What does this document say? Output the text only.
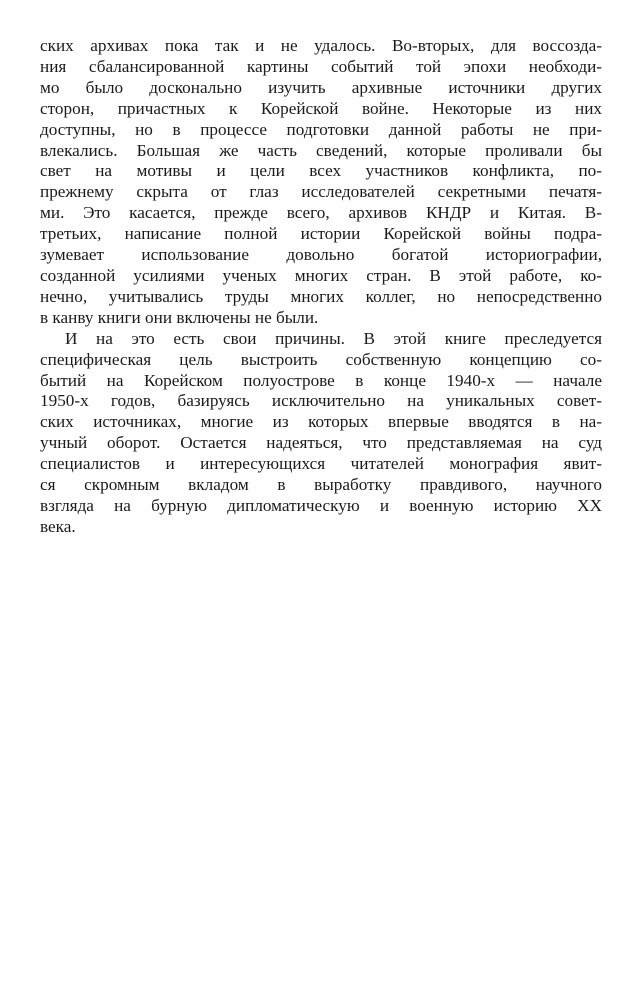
ских архивах пока так и не удалось. Во-вторых, для воссозда-
ния сбалансированной картины событий той эпохи необходи-
мо было досконально изучить архивные источники других
сторон, причастных к Корейской войне. Некоторые из них
доступны, но в процессе подготовки данной работы не при-
влекались. Большая же часть сведений, которые проливали бы
свет на мотивы и цели всех участников конфликта, по-
прежнему скрыта от глаз исследователей секретными печатя-
ми. Это касается, прежде всего, архивов КНДР и Китая. В-
третьих, написание полной истории Корейской войны подра-
зумевает использование довольно богатой историографии,
созданной усилиями ученых многих стран. В этой работе, ко-
нечно, учитывались труды многих коллег, но непосредственно
в канву книги они включены не были.
И на это есть свои причины. В этой книге преследуется
специфическая цель выстроить собственную концепцию со-
бытий на Корейском полуострове в конце 1940-х — начале
1950-х годов, базируясь исключительно на уникальных совет-
ских источниках, многие из которых впервые вводятся в на-
учный оборот. Остается надеяться, что представляемая на суд
специалистов и интересующихся читателей монография явит-
ся скромным вкладом в выработку правдивого, научного
взгляда на бурную дипломатическую и военную историю XX
века.
